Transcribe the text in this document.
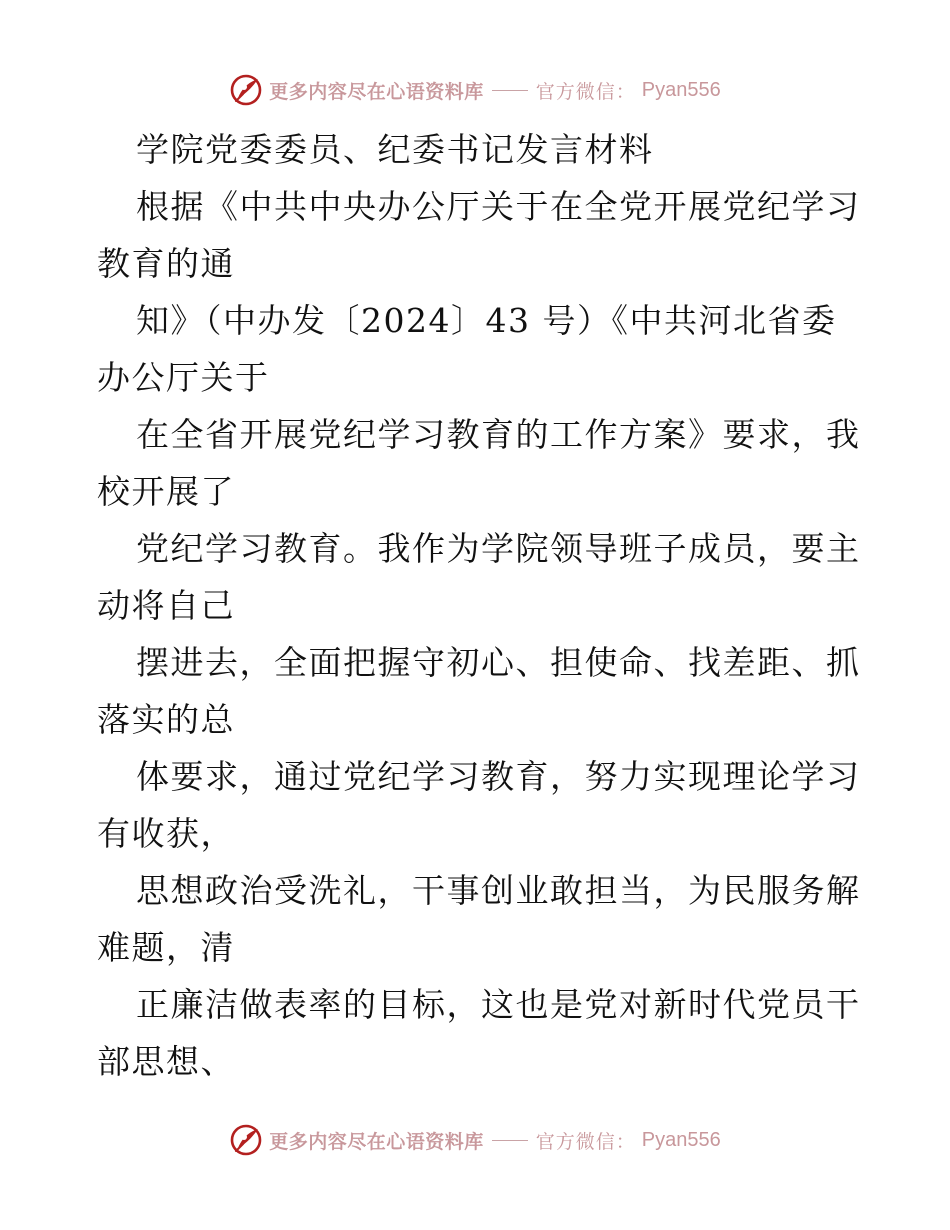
更多内容尽在心语资料库	官方微信： Pyan556
学院党委委员、纪委书记发言材料
根据《中共中央办公厅关于在全党开展党纪学习
教育的通
知》（中办发〔2024〕43 号）《中共河北省委
办公厅关于
在全省开展党纪学习教育的工作方案》要求，我
校开展了
党纪学习教育。我作为学院领导班子成员，要主
动将自己
摆进去，全面把握守初心、担使命、找差距、抓
落实的总
体要求，通过党纪学习教育，努力实现理论学习
有收获，
思想政治受洗礼，干事创业敢担当，为民服务解
难题，清
正廉洁做表率的目标，这也是党对新时代党员干
部思想、
更多内容尽在心语资料库	官方微信： Pyan556
